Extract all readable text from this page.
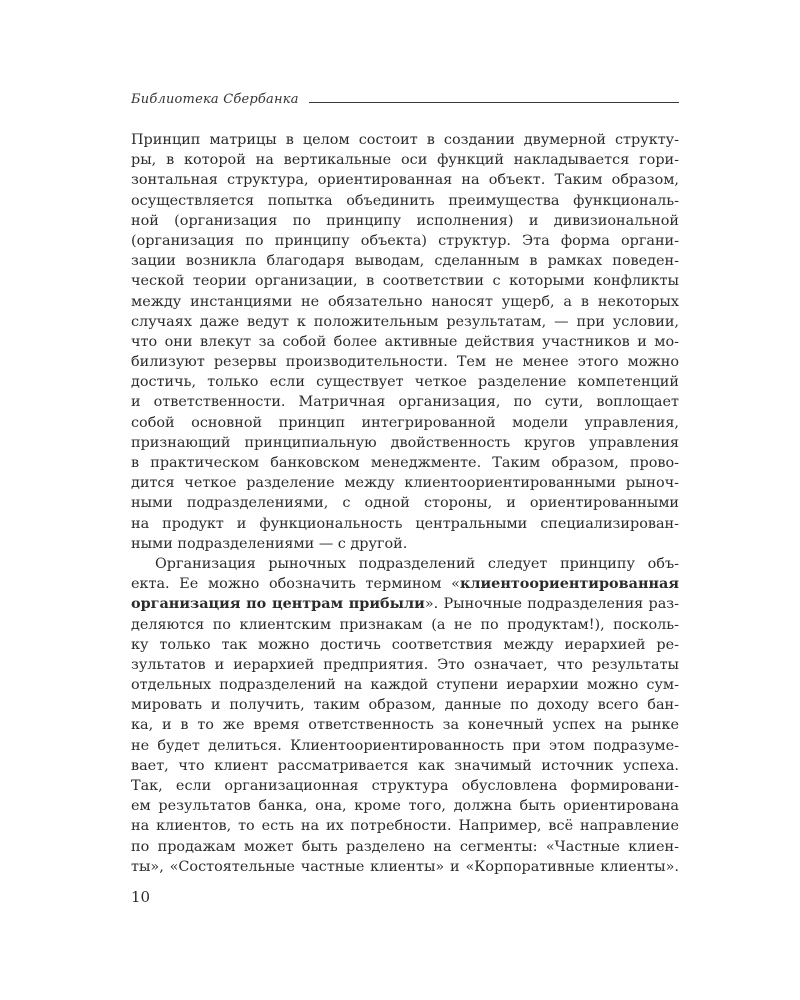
Библиотека Сбербанка
Принцип матрицы в целом состоит в создании двумерной структу-
ры, в которой на вертикальные оси функций накладывается гори-
зонтальная структура, ориентированная на объект. Таким образом,
осуществляется попытка объединить преимущества функциональ-
ной (организация по принципу исполнения) и дивизиональной
(организация по принципу объекта) структур. Эта форма органи-
зации возникла благодаря выводам, сделанным в рамках поведен-
ческой теории организации, в соответствии с которыми конфликты
между инстанциями не обязательно наносят ущерб, а в некоторых
случаях даже ведут к положительным результатам, — при условии,
что они влекут за собой более активные действия участников и мо-
билизуют резервы производительности. Тем не менее этого можно
достичь, только если существует четкое разделение компетенций
и ответственности. Матричная организация, по сути, воплощает
собой основной принцип интегрированной модели управления,
признающий принципиальную двойственность кругов управления
в практическом банковском менеджменте. Таким образом, прово-
дится четкое разделение между клиентоориентированными рыноч-
ными подразделениями, с одной стороны, и ориентированными
на продукт и функциональность центральными специализирован-
ными подразделениями — с другой.
Организация рыночных подразделений следует принципу объ-
екта. Ее можно обозначить термином «клиентоориентированная
организация по центрам прибыли». Рыночные подразделения раз-
деляются по клиентским признакам (а не по продуктам!), посколь-
ку только так можно достичь соответствия между иерархией ре-
зультатов и иерархией предприятия. Это означает, что результаты
отдельных подразделений на каждой ступени иерархии можно сум-
мировать и получить, таким образом, данные по доходу всего бан-
ка, и в то же время ответственность за конечный успех на рынке
не будет делиться. Клиентоориентированность при этом подразуме-
вает, что клиент рассматривается как значимый источник успеха.
Так, если организационная структура обусловлена формировани-
ем результатов банка, она, кроме того, должна быть ориентирована
на клиентов, то есть на их потребности. Например, всё направление
по продажам может быть разделено на сегменты: «Частные клиен-
ты», «Состоятельные частные клиенты» и «Корпоративные клиенты».
10
